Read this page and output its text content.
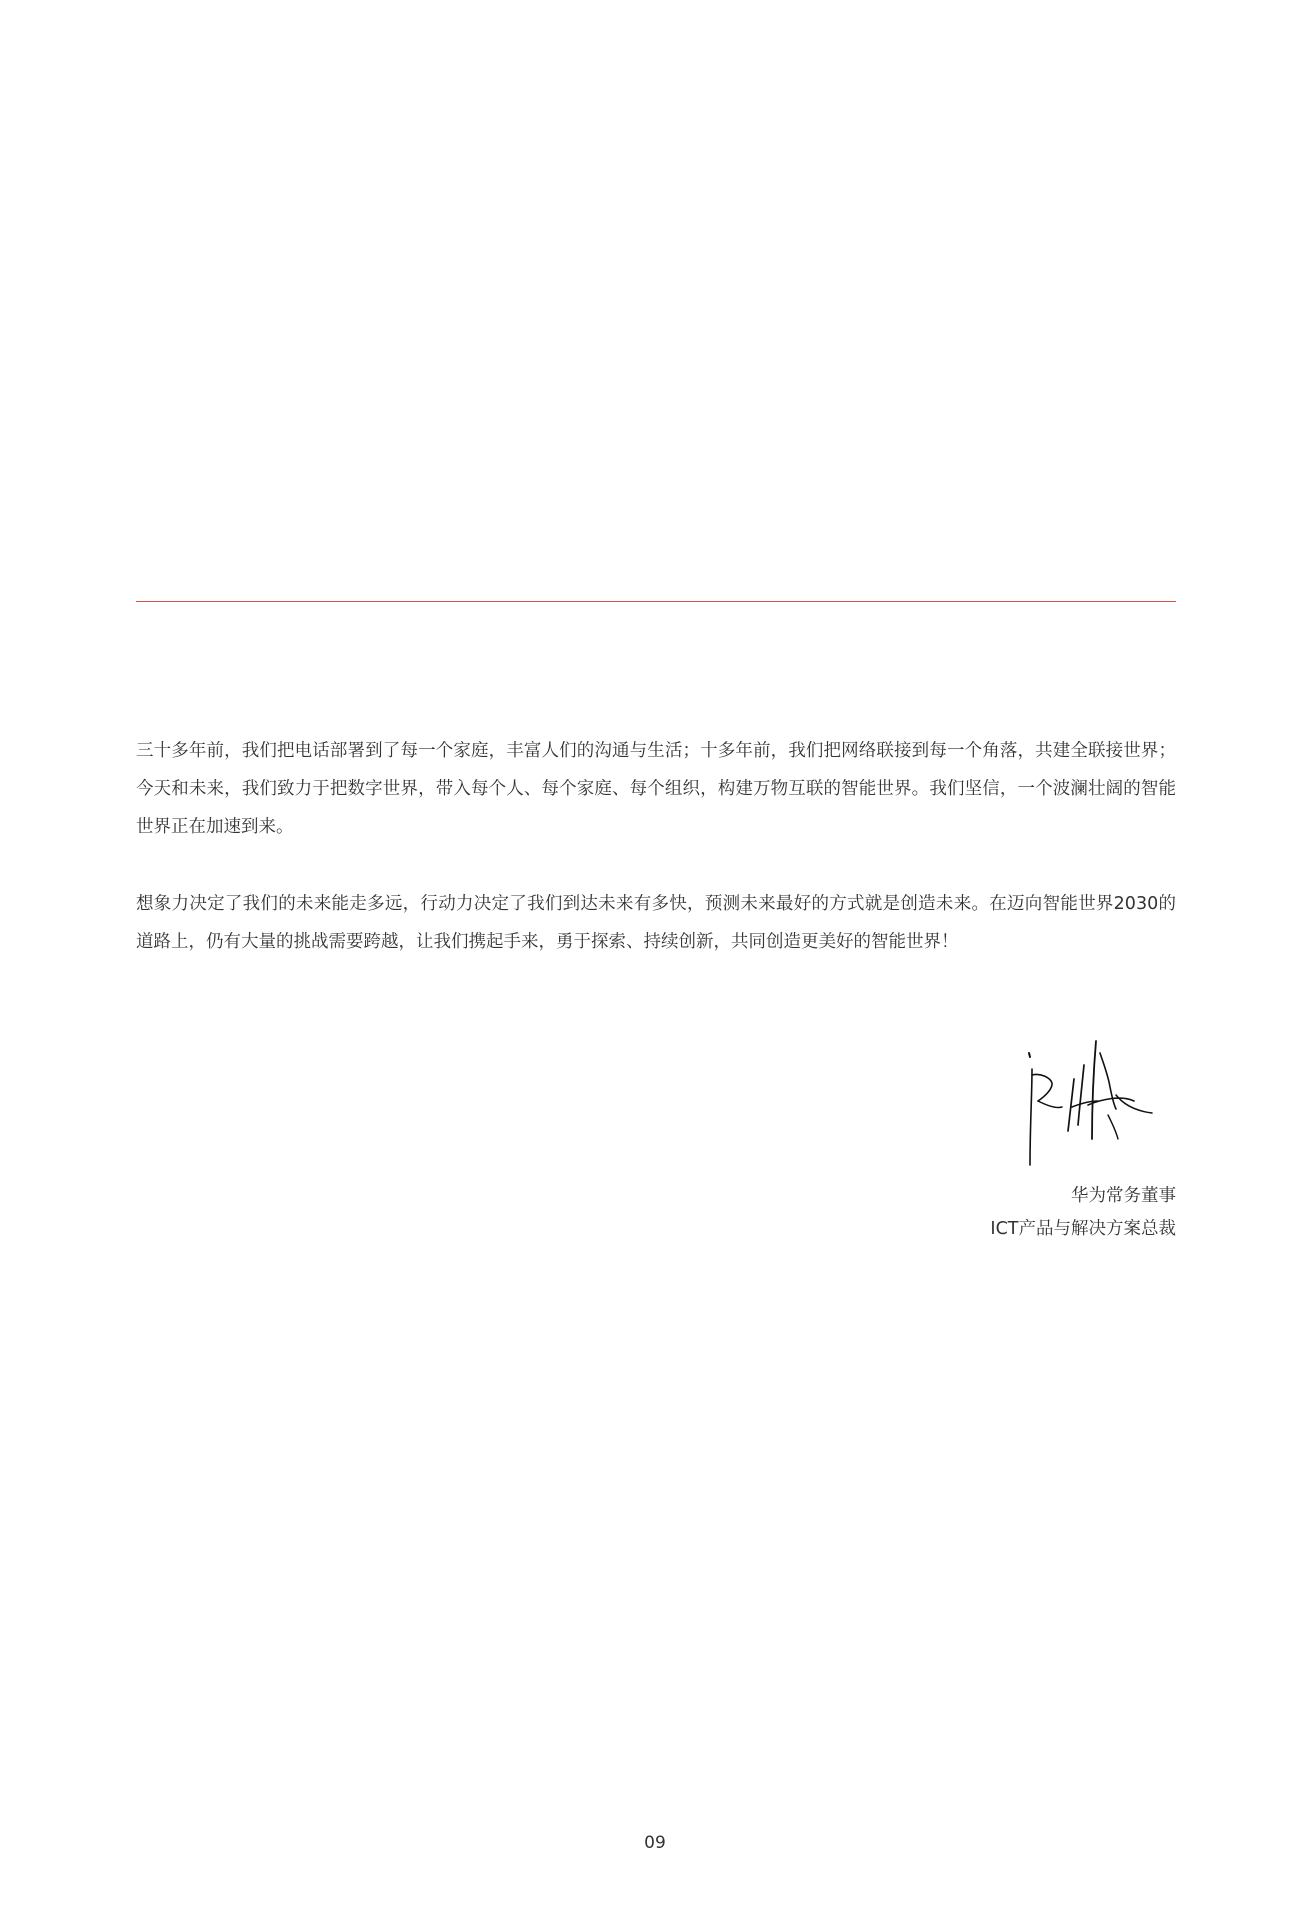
三十多年前，我们把电话部署到了每一个家庭，丰富人们的沟通与生活；十多年前，我们把网络联接到每一个角落，共建全联接世界；今天和未来，我们致力于把数字世界，带入每个人、每个家庭、每个组织，构建万物互联的智能世界。我们坚信，一个波澜壮阔的智能世界正在加速到来。

想象力决定了我们的未来能走多远，行动力决定了我们到达未来有多快，预测未来最好的方式就是创造未来。在迈向智能世界2030的道路上，仍有大量的挑战需要跨越，让我们携起手来，勇于探索、持续创新，共同创造更美好的智能世界！

华为常务董事
ICT产品与解决方案总裁
09
